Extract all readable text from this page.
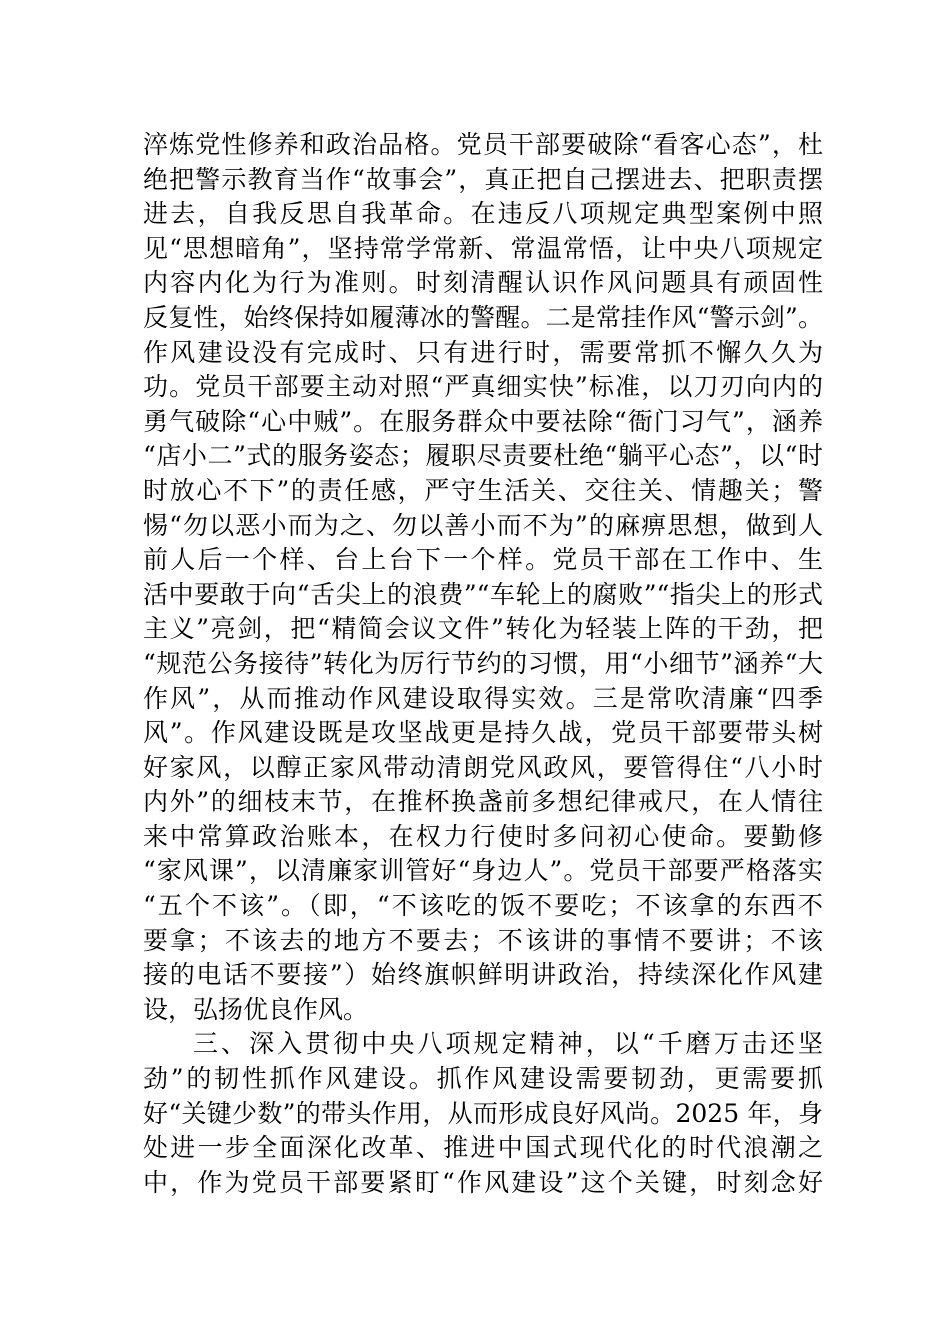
淬炼党性修养和政治品格。党员干部要破除“看客心态”，杜
绝把警示教育当作“故事会”，真正把自己摆进去、把职责摆
进去，自我反思自我革命。在违反八项规定典型案例中照
见“思想暗角”，坚持常学常新、常温常悟，让中央八项规定
内容内化为行为准则。时刻清醒认识作风问题具有顽固性
反复性，始终保持如履薄冰的警醒。二是常挂作风“警示剑”。
作风建设没有完成时、只有进行时，需要常抓不懈久久为
功。党员干部要主动对照“严真细实快”标准，以刀刃向内的
勇气破除“心中贼”。在服务群众中要祛除“衙门习气”，涵养
“店小二”式的服务姿态；履职尽责要杜绝“躺平心态”，以“时
时放心不下”的责任感，严守生活关、交往关、情趣关；警
惕“勿以恶小而为之、勿以善小而不为”的麻痹思想，做到人
前人后一个样、台上台下一个样。党员干部在工作中、生
活中要敢于向“舌尖上的浪费”“车轮上的腐败”“指尖上的形式
主义”亮剑，把“精简会议文件”转化为轻装上阵的干劲，把
“规范公务接待”转化为厉行节约的习惯，用“小细节”涵养“大
作风”，从而推动作风建设取得实效。三是常吹清廉“四季
风”。作风建设既是攻坚战更是持久战，党员干部要带头树
好家风，以醇正家风带动清朗党风政风，要管得住“八小时
内外”的细枝末节，在推杯换盏前多想纪律戒尺，在人情往
来中常算政治账本，在权力行使时多问初心使命。要勤修
“家风课”，以清廉家训管好“身边人”。党员干部要严格落实
“五个不该”。（即，“不该吃的饭不要吃；不该拿的东西不
要拿；不该去的地方不要去；不该讲的事情不要讲；不该
接的电话不要接”）始终旗帜鲜明讲政治，持续深化作风建
设，弘扬优良作风。
三、深入贯彻中央八项规定精神，以“千磨万击还坚
劲”的韧性抓作风建设。抓作风建设需要韧劲，更需要抓
好“关键少数”的带头作用，从而形成良好风尚。2025 年，身
处进一步全面深化改革、推进中国式现代化的时代浪潮之
中，作为党员干部要紧盯“作风建设”这个关键，时刻念好
